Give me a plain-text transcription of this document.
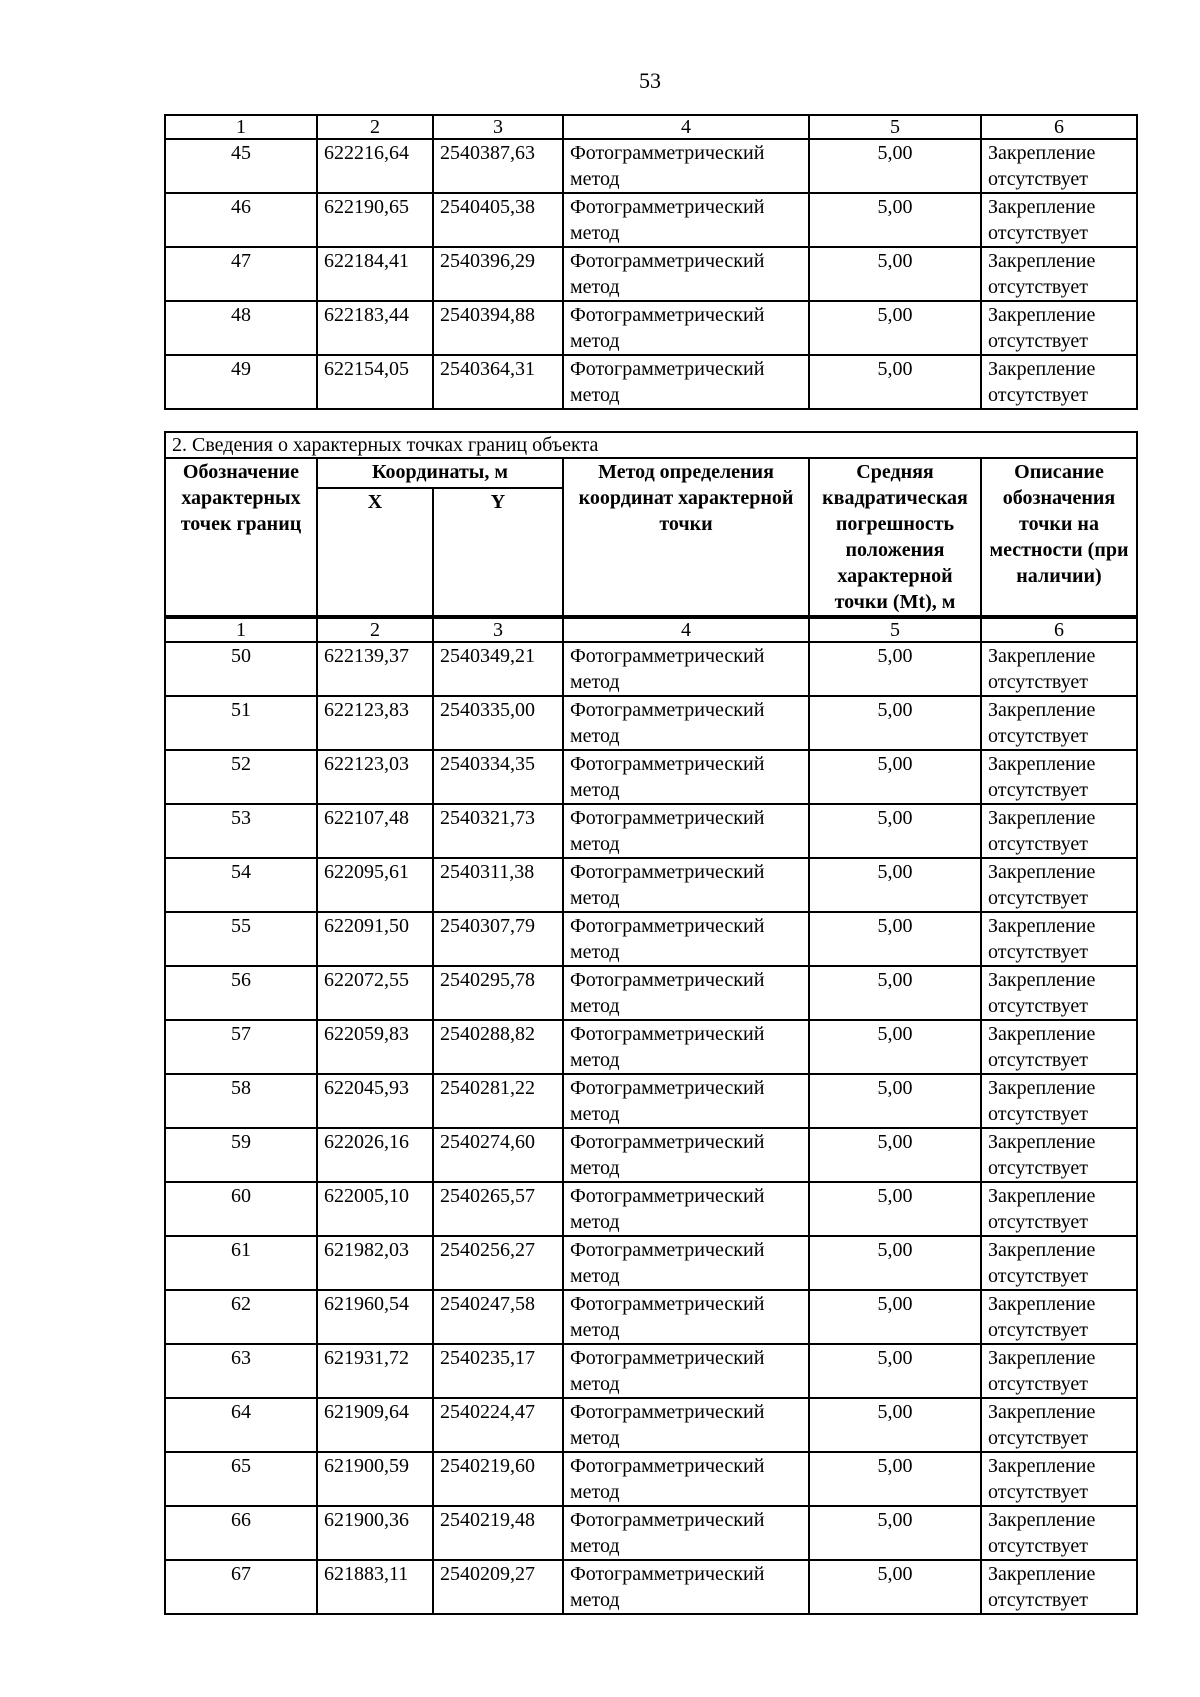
53
1	2	3	4	5	6
45	622216,64	2540387,63	Фотограмметрический метод	5,00	Закрепление отсутствует
46	622190,65	2540405,38	Фотограмметрический метод	5,00	Закрепление отсутствует
47	622184,41	2540396,29	Фотограмметрический метод	5,00	Закрепление отсутствует
48	622183,44	2540394,88	Фотограмметрический метод	5,00	Закрепление отсутствует
49	622154,05	2540364,31	Фотограмметрический метод	5,00	Закрепление отсутствует
2. Сведения о характерных точках границ объекта					
Обозначение характерных точек границ	Координаты, м		Метод определения координат характерной точки	Средняя квадратическая погрешность положения характерной точки (Mt), м	Описание обозначения точки на местности (при наличии)
	X	Y			
1	2	3	4	5	6
50	622139,37	2540349,21	Фотограмметрический метод	5,00	Закрепление отсутствует
51	622123,83	2540335,00	Фотограмметрический метод	5,00	Закрепление отсутствует
52	622123,03	2540334,35	Фотограмметрический метод	5,00	Закрепление отсутствует
53	622107,48	2540321,73	Фотограмметрический метод	5,00	Закрепление отсутствует
54	622095,61	2540311,38	Фотограмметрический метод	5,00	Закрепление отсутствует
55	622091,50	2540307,79	Фотограмметрический метод	5,00	Закрепление отсутствует
56	622072,55	2540295,78	Фотограмметрический метод	5,00	Закрепление отсутствует
57	622059,83	2540288,82	Фотограмметрический метод	5,00	Закрепление отсутствует
58	622045,93	2540281,22	Фотограмметрический метод	5,00	Закрепление отсутствует
59	622026,16	2540274,60	Фотограмметрический метод	5,00	Закрепление отсутствует
60	622005,10	2540265,57	Фотограмметрический метод	5,00	Закрепление отсутствует
61	621982,03	2540256,27	Фотограмметрический метод	5,00	Закрепление отсутствует
62	621960,54	2540247,58	Фотограмметрический метод	5,00	Закрепление отсутствует
63	621931,72	2540235,17	Фотограмметрический метод	5,00	Закрепление отсутствует
64	621909,64	2540224,47	Фотограмметрический метод	5,00	Закрепление отсутствует
65	621900,59	2540219,60	Фотограмметрический метод	5,00	Закрепление отсутствует
66	621900,36	2540219,48	Фотограмметрический метод	5,00	Закрепление отсутствует
67	621883,11	2540209,27	Фотограмметрический метод	5,00	Закрепление отсутствует
